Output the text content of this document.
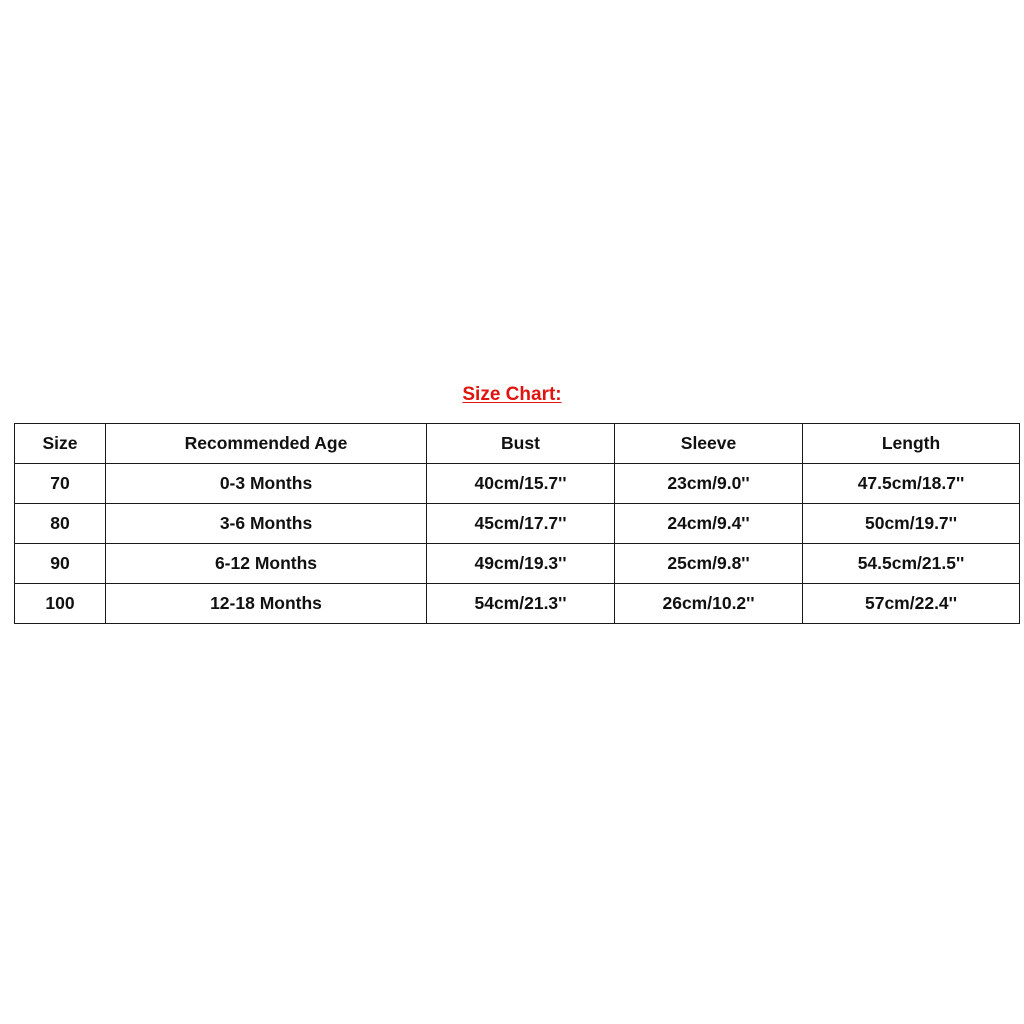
Size Chart:
Size	Recommended Age	Bust	Sleeve	Length
70	0-3 Months	40cm/15.7''	23cm/9.0''	47.5cm/18.7''
80	3-6 Months	45cm/17.7''	24cm/9.4''	50cm/19.7''
90	6-12 Months	49cm/19.3''	25cm/9.8''	54.5cm/21.5''
100	12-18 Months	54cm/21.3''	26cm/10.2''	57cm/22.4''
